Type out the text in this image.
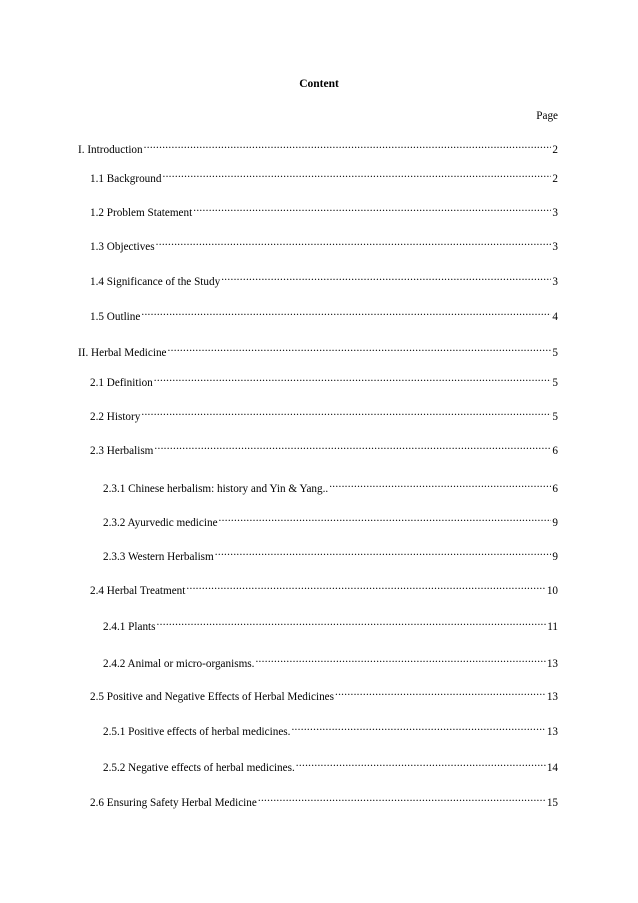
Content
Page
I. Introduction .....	2
1.1 Background .....	2
1.2 Problem Statement .....	3
1.3 Objectives .....	3
1.4 Significance of the Study .....	3
1.5 Outline .....	4
II. Herbal Medicine .....	5
2.1 Definition .....	5
2.2 History .....	5
2.3 Herbalism .....	6
2.3.1 Chinese herbalism: history and Yin & Yang.. .....	6
2.3.2 Ayurvedic medicine .....	9
2.3.3 Western Herbalism .....	9
2.4 Herbal Treatment .....	10
2.4.1 Plants .....	11
2.4.2 Animal or micro-organisms. .....	13
2.5 Positive and Negative Effects of Herbal Medicines .....	13
2.5.1 Positive effects of herbal medicines. .....	13
2.5.2 Negative effects of herbal medicines. .....	14
2.6 Ensuring Safety Herbal Medicine .....	15
